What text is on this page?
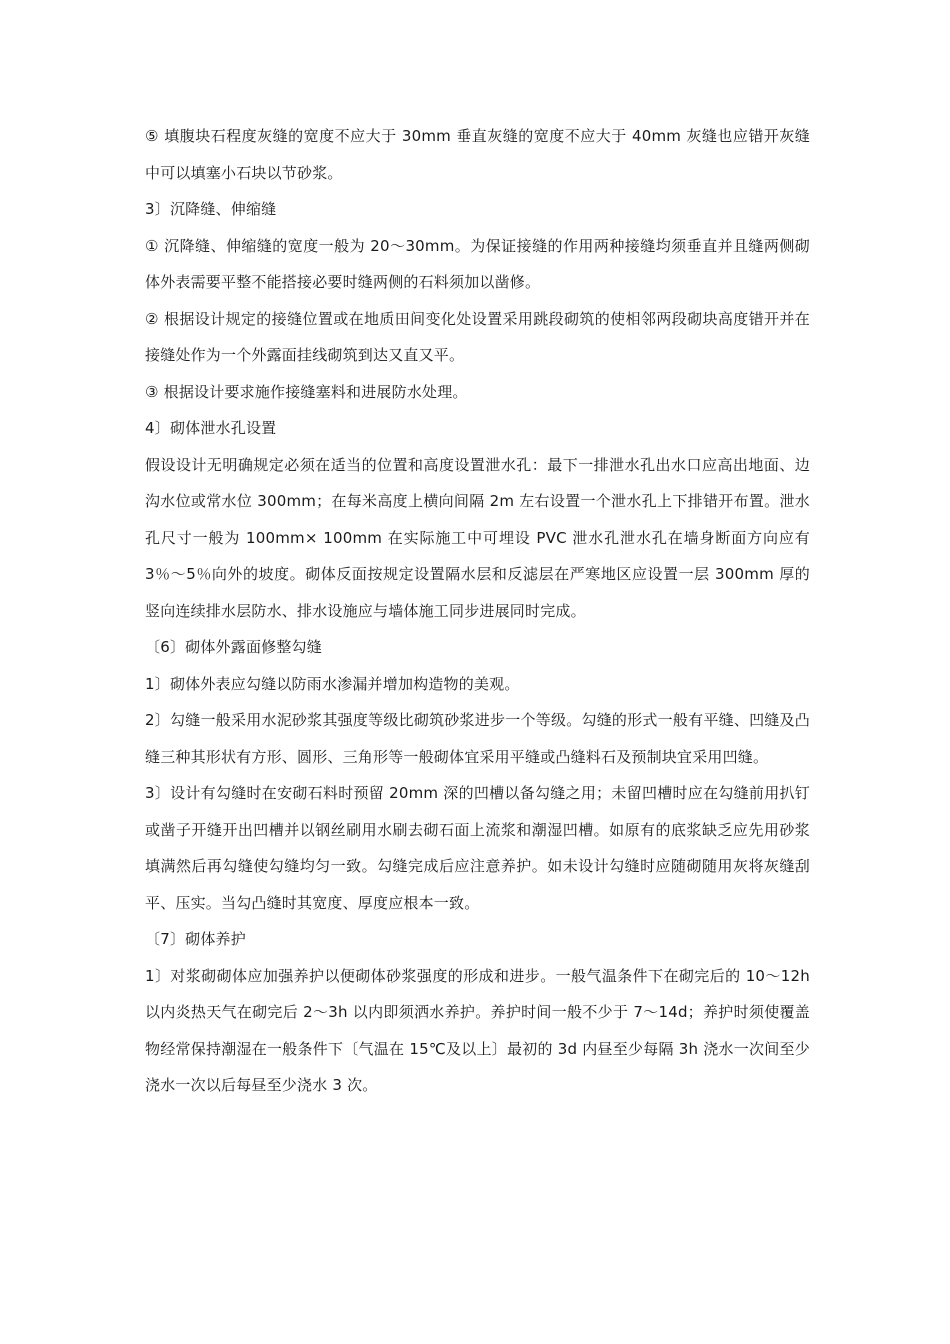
⑤ 填腹块石程度灰缝的宽度不应大于 30mm 垂直灰缝的宽度不应大于 40mm 灰缝也应错开灰缝中可以填塞小石块以节砂浆。

3〕沉降缝、伸缩缝

① 沉降缝、伸缩缝的宽度一般为 20～30mm。为保证接缝的作用两种接缝均须垂直并且缝两侧砌体外表需要平整不能搭接必要时缝两侧的石料须加以凿修。

② 根据设计规定的接缝位置或在地质田间变化处设置采用跳段砌筑的使相邻两段砌块高度错开并在接缝处作为一个外露面挂线砌筑到达又直又平。

③ 根据设计要求施作接缝塞料和进展防水处理。

4〕砌体泄水孔设置

假设设计无明确规定必须在适当的位置和高度设置泄水孔：最下一排泄水孔出水口应高出地面、边沟水位或常水位 300mm；在每米高度上横向间隔 2m 左右设置一个泄水孔上下排错开布置。泄水孔尺寸一般为 100mm× 100mm 在实际施工中可埋设 PVC 泄水孔泄水孔在墙身断面方向应有 3％～5％向外的坡度。砌体反面按规定设置隔水层和反滤层在严寒地区应设置一层 300mm 厚的竖向连续排水层防水、排水设施应与墙体施工同步进展同时完成。

〔6〕砌体外露面修整勾缝

1〕砌体外表应勾缝以防雨水渗漏并增加构造物的美观。

2〕勾缝一般采用水泥砂浆其强度等级比砌筑砂浆进步一个等级。勾缝的形式一般有平缝、凹缝及凸缝三种其形状有方形、圆形、三角形等一般砌体宜采用平缝或凸缝料石及预制块宜采用凹缝。

3〕设计有勾缝时在安砌石料时预留 20mm 深的凹槽以备勾缝之用；未留凹槽时应在勾缝前用扒钉或凿子开缝开出凹槽并以钢丝刷用水刷去砌石面上流浆和潮湿凹槽。如原有的底浆缺乏应先用砂浆填满然后再勾缝使勾缝均匀一致。勾缝完成后应注意养护。如未设计勾缝时应随砌随用灰将灰缝刮平、压实。当勾凸缝时其宽度、厚度应根本一致。

〔7〕砌体养护

1〕对浆砌砌体应加强养护以便砌体砂浆强度的形成和进步。一般气温条件下在砌完后的 10～12h 以内炎热天气在砌完后 2～3h 以内即须洒水养护。养护时间一般不少于 7～14d；养护时须使覆盖物经常保持潮湿在一般条件下〔气温在 15℃及以上〕最初的 3d 内昼至少每隔 3h 浇水一次间至少浇水一次以后每昼至少浇水 3 次。
